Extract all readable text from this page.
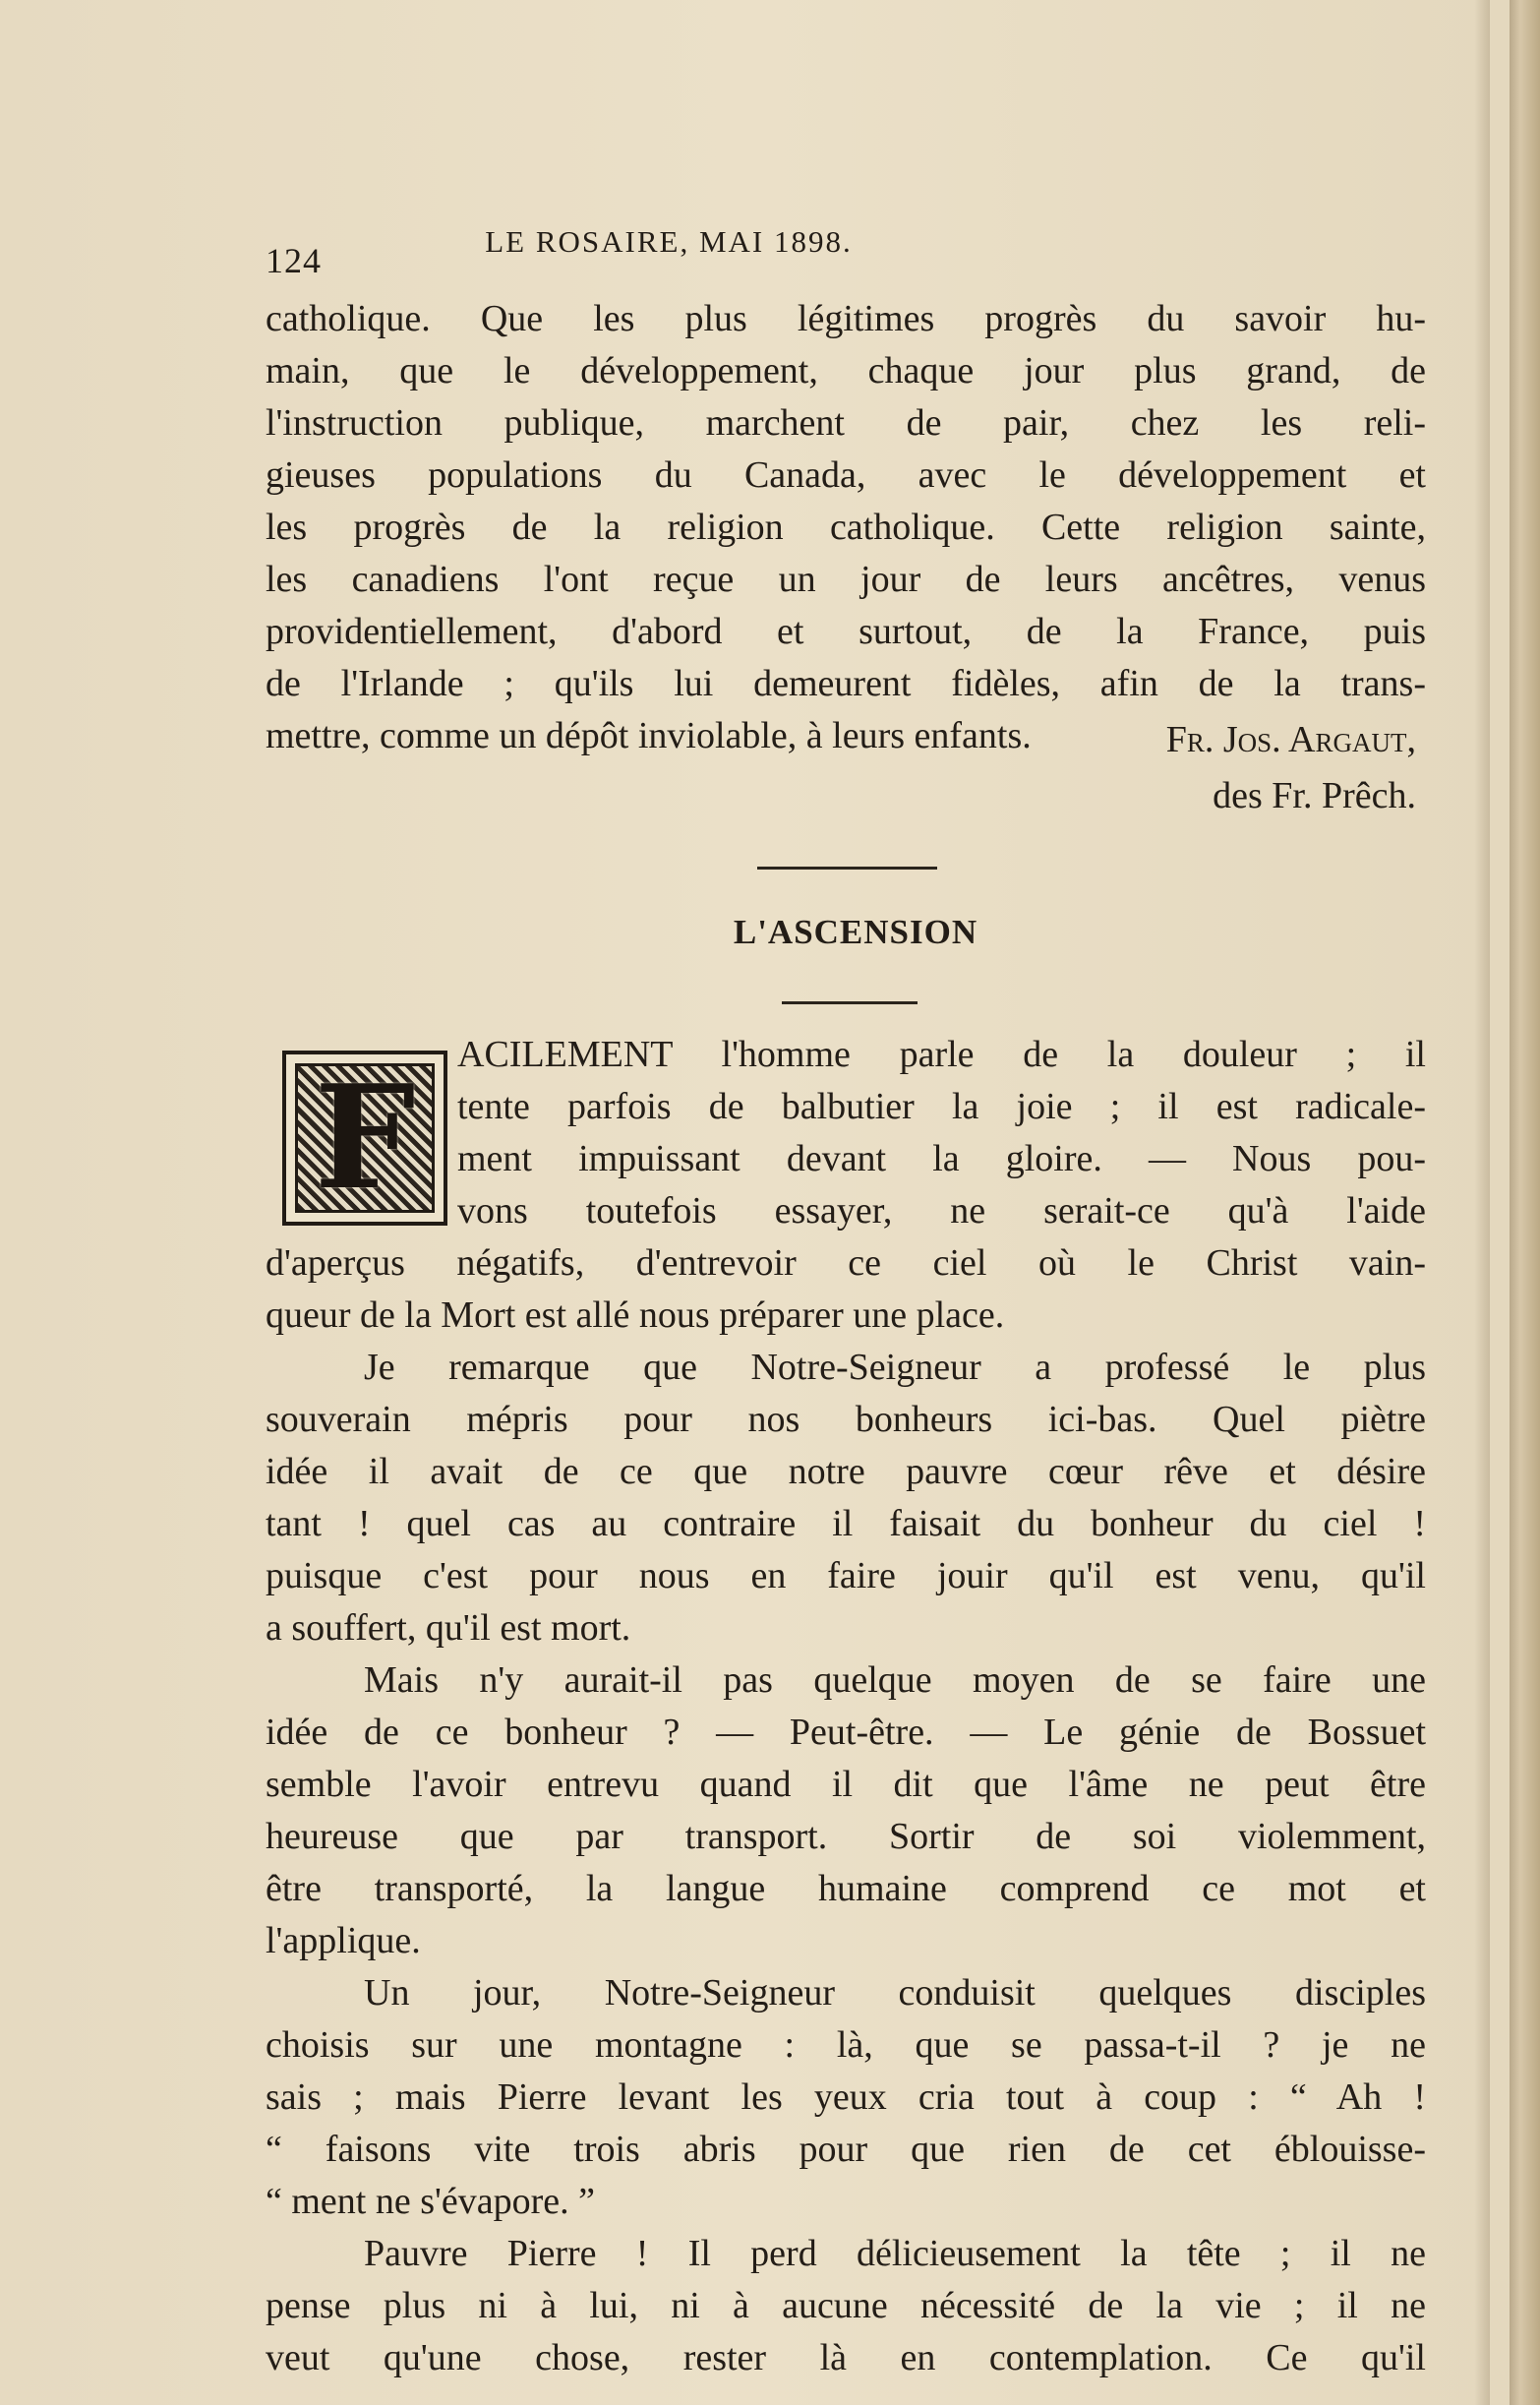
124	LE ROSAIRE, MAI 1898.
catholique. Que les plus légitimes progrès du savoir hu-
main, que le développement, chaque jour plus grand, de
l'instruction publique, marchent de pair, chez les reli-
gieuses populations du Canada, avec le développement et
les progrès de la religion catholique. Cette religion sainte,
les canadiens l'ont reçue un jour de leurs ancêtres, venus
providentiellement, d'abord et surtout, de la France, puis
de l'Irlande ; qu'ils lui demeurent fidèles, afin de la trans-
mettre, comme un dépôt inviolable, à leurs enfants.	Fr. Jos. Argaut,
des Fr. Prêch.
L'ASCENSION
F	ACILEMENT l'homme parle de la douleur ; il
tente parfois de balbutier la joie ; il est radicale-
ment impuissant devant la gloire. — Nous pou-
vons toutefois essayer, ne serait-ce qu'à l'aide
d'aperçus négatifs, d'entrevoir ce ciel où le Christ vain-
queur de la Mort est allé nous préparer une place.
Je remarque que Notre-Seigneur a professé le plus
souverain mépris pour nos bonheurs ici-bas. Quel piètre
idée il avait de ce que notre pauvre cœur rêve et désire
tant ! quel cas au contraire il faisait du bonheur du ciel !
puisque c'est pour nous en faire jouir qu'il est venu, qu'il
a souffert, qu'il est mort.
Mais n'y aurait-il pas quelque moyen de se faire une
idée de ce bonheur ? — Peut-être. — Le génie de Bossuet
semble l'avoir entrevu quand il dit que l'âme ne peut être
heureuse que par transport. Sortir de soi violemment,
être transporté, la langue humaine comprend ce mot et
l'applique.
Un jour, Notre-Seigneur conduisit quelques disciples
choisis sur une montagne : là, que se passa-t-il ? je ne
sais ; mais Pierre levant les yeux cria tout à coup : “ Ah !
“ faisons vite trois abris pour que rien de cet éblouisse-
“ ment ne s'évapore. ”
Pauvre Pierre ! Il perd délicieusement la tête ; il ne
pense plus ni à lui, ni à aucune nécessité de la vie ; il ne
veut qu'une chose, rester là en contemplation. Ce qu'il
